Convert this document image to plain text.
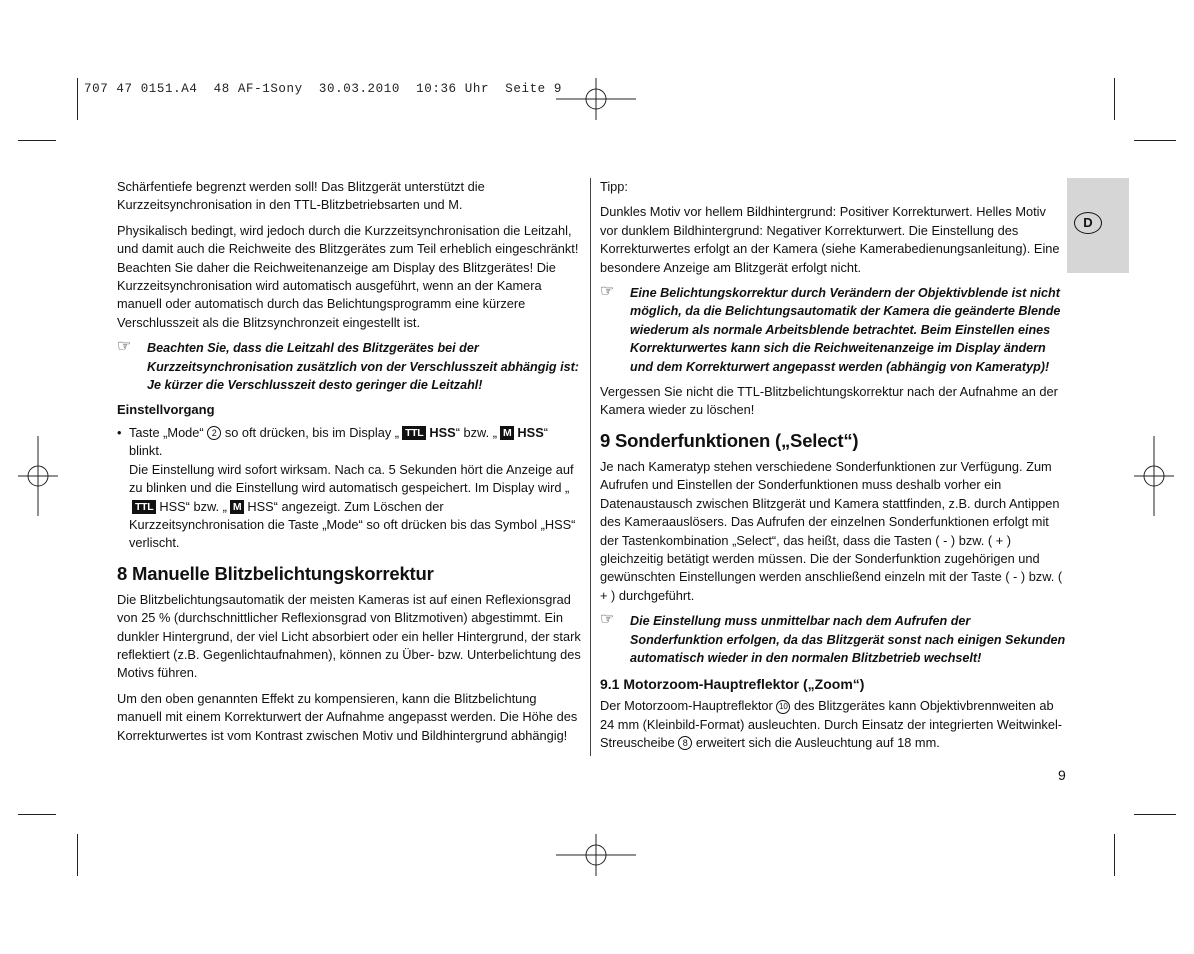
707 47 0151.A4  48 AF-1Sony  30.03.2010  10:36 Uhr  Seite 9
D

Schärfentiefe begrenzt werden soll! Das Blitzgerät unterstützt die Kurzzeitsynchronisation in den TTL-Blitzbetriebsarten und M.

Physikalisch bedingt, wird jedoch durch die Kurzzeitsynchronisation die Leitzahl, und damit auch die Reichweite des Blitzgerätes zum Teil erheblich eingeschränkt! Beachten Sie daher die Reichweitenanzeige am Display des Blitzgerätes! Die Kurzzeitsynchronisation wird automatisch ausgeführt, wenn an der Kamera manuell oder automatisch durch das Belichtungsprogramm eine kürzere Verschlusszeit als die Blitzsynchronzeit eingestellt ist.

☞ Beachten Sie, dass die Leitzahl des Blitzgerätes bei der Kurzzeitsynchronisation zusätzlich von der Verschlusszeit abhängig ist: Je kürzer die Verschlusszeit desto geringer die Leitzahl!
Einstellvorgang
• Taste „Mode“ 2 so oft drücken, bis im Display „ TTL HSS“ bzw. „ M HSS“ blinkt.
Die Einstellung wird sofort wirksam. Nach ca. 5 Sekunden hört die Anzeige auf zu blinken und die Einstellung wird automatisch gespeichert. Im Display wird „TTL HSS“ bzw. „ M HSS“ angezeigt. Zum Löschen der Kurzzeitsynchronisation die Taste „Mode“ so oft drücken bis das Symbol „HSS“ verlischt.
8 Manuelle Blitzbelichtungskorrektur

Die Blitzbelichtungsautomatik der meisten Kameras ist auf einen Reflexionsgrad von 25 % (durchschnittlicher Reflexionsgrad von Blitzmotiven) abgestimmt. Ein dunkler Hintergrund, der viel Licht absorbiert oder ein heller Hintergrund, der stark reflektiert (z.B. Gegenlichtaufnahmen), können zu Über- bzw. Unterbelichtung des Motivs führen.

Um den oben genannten Effekt zu kompensieren, kann die Blitzbelichtung manuell mit einem Korrekturwert der Aufnahme angepasst werden. Die Höhe des Korrekturwertes ist vom Kontrast zwischen Motiv und Bildhintergrund abhängig!

Tipp:

Dunkles Motiv vor hellem Bildhintergrund: Positiver Korrekturwert. Helles Motiv vor dunklem Bildhintergrund: Negativer Korrekturwert. Die Einstellung des Korrekturwertes erfolgt an der Kamera (siehe Kamerabedienungsanleitung). Eine besondere Anzeige am Blitzgerät erfolgt nicht.

☞ Eine Belichtungskorrektur durch Verändern der Objektivblende ist nicht möglich, da die Belichtungsautomatik der Kamera die geänderte Blende wiederum als normale Arbeitsblende betrachtet. Beim Einstellen eines Korrekturwertes kann sich die Reichweitenanzeige im Display ändern und dem Korrekturwert angepasst werden (abhängig von Kameratyp)!

Vergessen Sie nicht die TTL-Blitzbelichtungskorrektur nach der Aufnahme an der Kamera wieder zu löschen!

9 Sonderfunktionen („Select“)

Je nach Kameratyp stehen verschiedene Sonderfunktionen zur Verfügung. Zum Aufrufen und Einstellen der Sonderfunktionen muss deshalb vorher ein Datenaustausch zwischen Blitzgerät und Kamera stattfinden, z.B. durch Antippen des Kameraauslösers. Das Aufrufen der einzelnen Sonderfunktionen erfolgt mit der Tastenkombination „Select“, das heißt, dass die Tasten ( - ) bzw. ( + ) gleichzeitig betätigt werden müssen. Die der Sonderfunktion zugehörigen und gewünschten Einstellungen werden anschließend einzeln mit der Taste ( - ) bzw. ( + ) durchgeführt.

☞ Die Einstellung muss unmittelbar nach dem Aufrufen der Sonderfunktion erfolgen, da das Blitzgerät sonst nach einigen Sekunden automatisch wieder in den normalen Blitzbetrieb wechselt!
9.1 Motorzoom-Hauptreflektor („Zoom“)

Der Motorzoom-Hauptreflektor 10 des Blitzgerätes kann Objektivbrennweiten ab 24 mm (Kleinbild-Format) ausleuchten. Durch Einsatz der integrierten Weitwinkel-Streuscheibe 8 erweitert sich die Ausleuchtung auf 18 mm.

9
